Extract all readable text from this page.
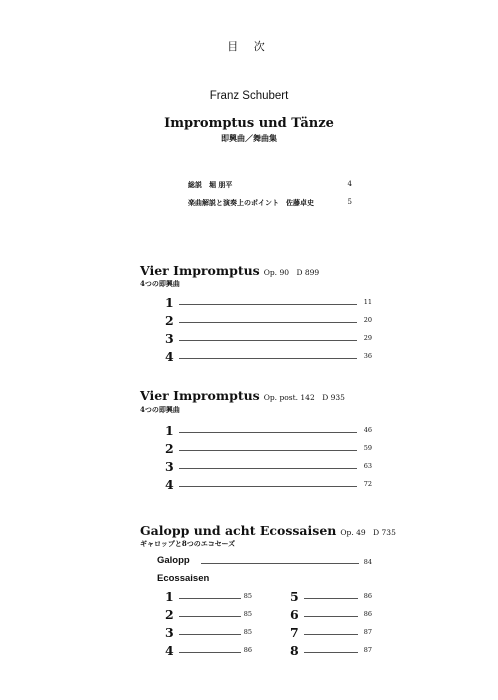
目 次
Franz Schubert
Impromptus und Tänze
即興曲／舞曲集
総説　堀 朋平	4
楽曲解説と演奏上のポイント　佐藤卓史	5
Vier Impromptus Op. 90　D 899
4つの即興曲
1	11
2	20
3	29
4	36
Vier Impromptus Op. post. 142　D 935
4つの即興曲
1	46
2	59
3	63
4	72
Galopp und acht Ecossaisen Op. 49　D 735
ギャロップと8つのエコセーズ
Galopp	84
Ecossaisen
1	85
2	85
3	85
4	86
5	86
6	86
7	87
8	87
